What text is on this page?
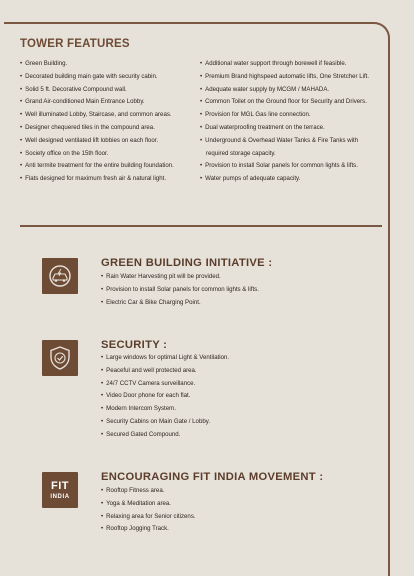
TOWER FEATURES
• Green Building.
• Decorated building main gate with security cabin.
• Solid 5 ft. Decorative Compound wall.
• Grand Air-conditioned Main Entrance Lobby.
• Well illuminated Lobby, Staircase, and common areas.
• Designer chequered tiles in the compound area.
• Well designed ventilated lift lobbies on each floor.
• Society office on the 15th floor.
• Anti termite treatment for the entire building foundation.
• Flats designed for maximum fresh air & natural light.
• Additional water support through borewell if feasible.
• Premium Brand highspeed automatic lifts, One Stretcher Lift.
• Adequate water supply by MCGM / MAHADA.
• Common Toilet on the Ground floor for Security and Drivers.
• Provision for MGL Gas line connection.
• Dual waterproofing treatment on the terrace.
• Underground & Overhead Water Tanks & Fire Tanks with
required storage capacity.
• Provision to install Solar panels for common lights & lifts.
• Water pumps of adequate capacity.
GREEN BUILDING INITIATIVE :
• Rain Water Harvesting pit will be provided.
• Provision to install Solar panels for common lights & lifts.
• Electric Car & Bike Charging Point.
SECURITY :
• Large windows for optimal Light & Ventilation.
• Peaceful and well protected area.
• 24/7 CCTV Camera surveillance.
• Video Door phone for each flat.
• Modern Intercom System.
• Security Cabins on Main Gate / Lobby.
• Secured Gated Compound.
FIT
INDIA
ENCOURAGING FIT INDIA MOVEMENT :
• Rooftop Fitness area.
• Yoga & Meditation area.
• Relaxing area for Senior citizens.
• Rooftop Jogging Track.
